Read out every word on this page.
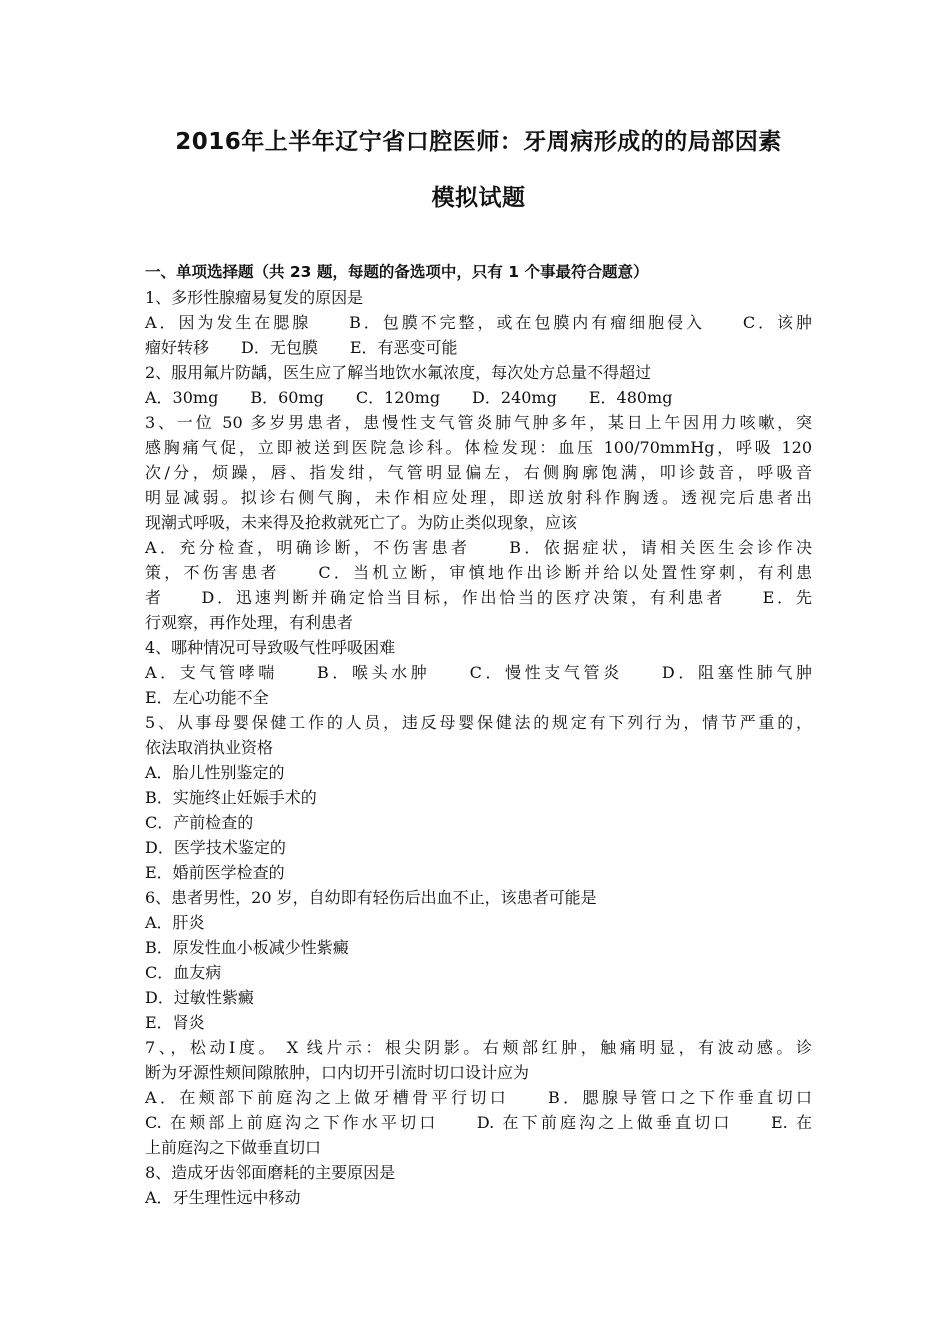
2016年上半年辽宁省口腔医师：牙周病形成的的局部因素
模拟试题

一、单项选择题（共 23 题，每题的备选项中，只有 1 个事最符合题意）

1、多形性腺瘤易复发的原因是

A．因为发生在腮腺　　B．包膜不完整，或在包膜内有瘤细胞侵入　　C．该肿

瘤好转移　　D．无包膜　　E．有恶变可能

2、服用氟片防龋，医生应了解当地饮水氟浓度，每次处方总量不得超过

A．30mg　　B．60mg　　C．120mg　　D．240mg　　E．480mg

3、一位 50 多岁男患者，患慢性支气管炎肺气肿多年，某日上午因用力咳嗽，突

感胸痛气促，立即被送到医院急诊科。体检发现：血压 100/70mmHg，呼吸 120

次/分，烦躁，唇、指发绀，气管明显偏左，右侧胸廓饱满，叩诊鼓音，呼吸音

明显减弱。拟诊右侧气胸，未作相应处理，即送放射科作胸透。透视完后患者出

现潮式呼吸，未来得及抢救就死亡了。为防止类似现象，应该

A．充分检查，明确诊断，不伤害患者　　B．依据症状，请相关医生会诊作决

策，不伤害患者　　C．当机立断，审慎地作出诊断并给以处置性穿刺，有利患

者　　D．迅速判断并确定恰当目标，作出恰当的医疗决策，有利患者　　E．先

行观察，再作处理，有利患者

4、哪种情况可导致吸气性呼吸困难

A．支气管哮喘　　B．喉头水肿　　C．慢性支气管炎　　D．阻塞性肺气肿

E．左心功能不全

5、从事母婴保健工作的人员，违反母婴保健法的规定有下列行为，情节严重的，

依法取消执业资格

A．胎儿性别鉴定的

B．实施终止妊娠手术的

C．产前检查的

D．医学技术鉴定的

E．婚前医学检查的

6、患者男性，20 岁，自幼即有轻伤后出血不止，该患者可能是

A．肝炎

B．原发性血小板减少性紫癜

C．血友病

D．过敏性紫癜

E．肾炎

7、，松动Ⅰ度。 X 线片示：根尖阴影。右颊部红肿，触痛明显，有波动感。诊

断为牙源性颊间隙脓肿，口内切开引流时切口设计应为

A．在颊部下前庭沟之上做牙槽骨平行切口　　B．腮腺导管口之下作垂直切口

C. 在颊部上前庭沟之下作水平切口　　D. 在下前庭沟之上做垂直切口　　E. 在

上前庭沟之下做垂直切口

8、造成牙齿邻面磨耗的主要原因是

A．牙生理性远中移动
